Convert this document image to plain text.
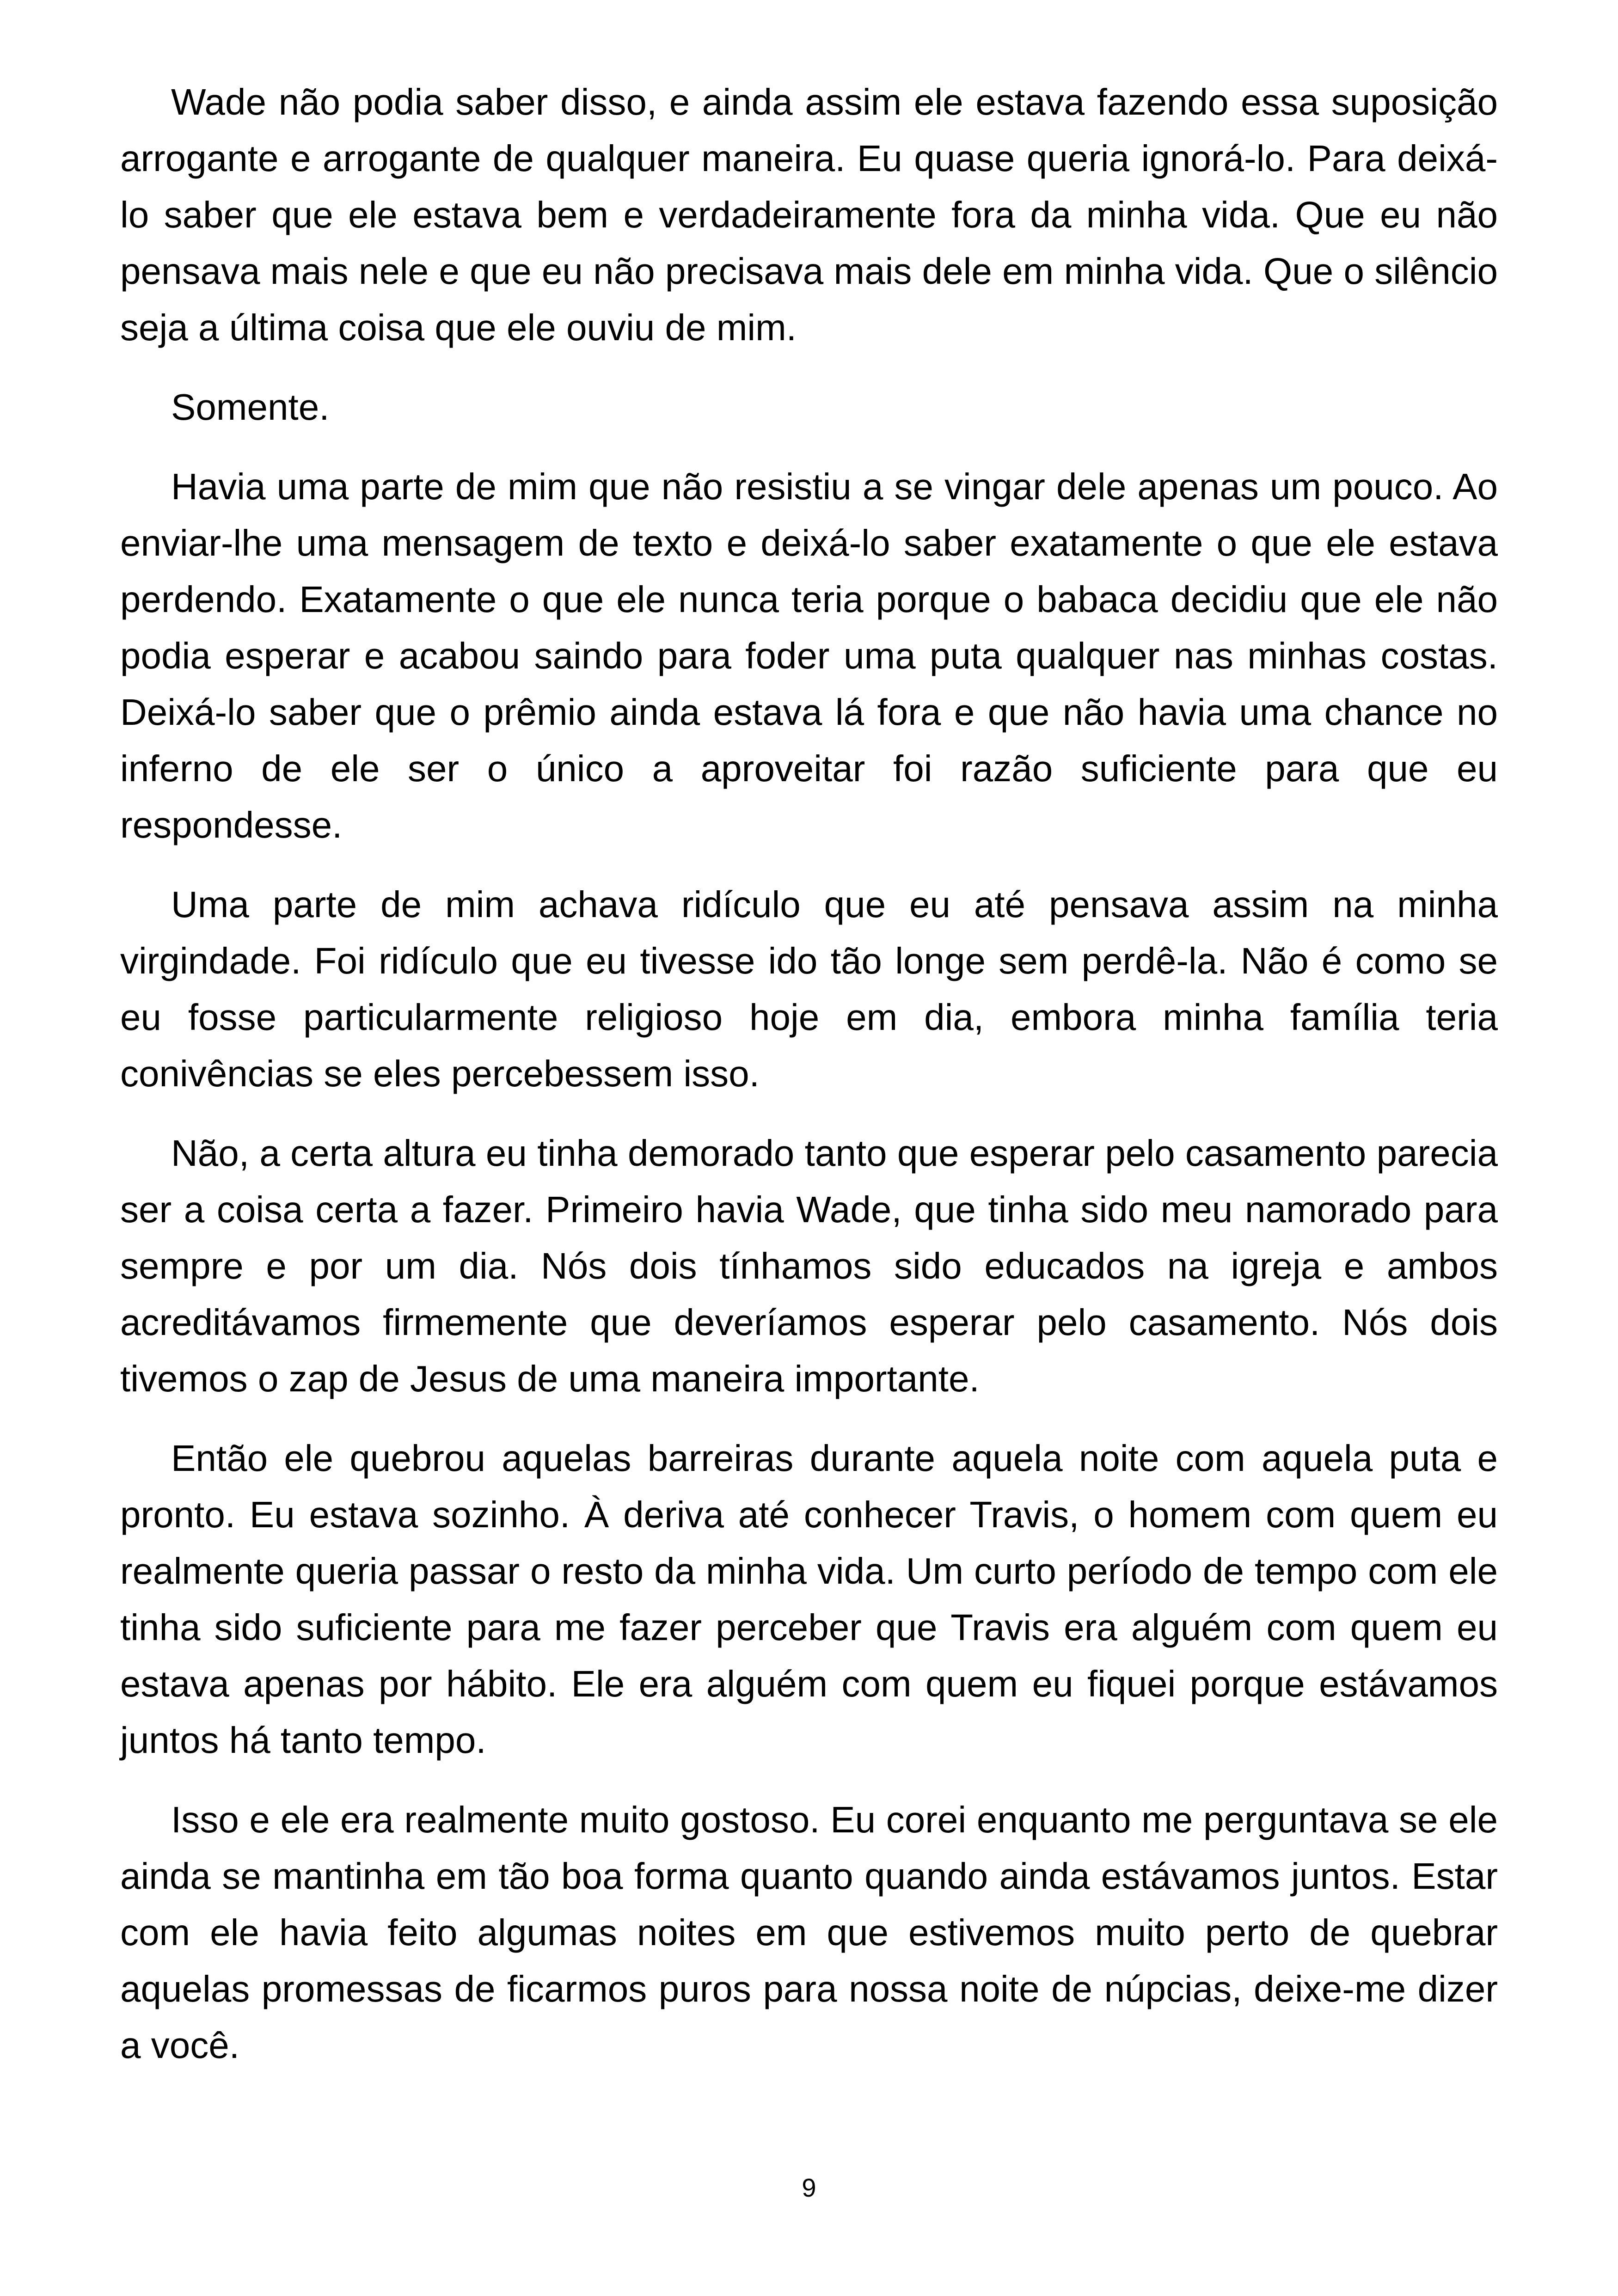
Wade não podia saber disso, e ainda assim ele estava fazendo essa suposição arrogante e arrogante de qualquer maneira. Eu quase queria ignorá-lo. Para deixá-lo saber que ele estava bem e verdadeiramente fora da minha vida. Que eu não pensava mais nele e que eu não precisava mais dele em minha vida. Que o silêncio seja a última coisa que ele ouviu de mim.

Somente.

Havia uma parte de mim que não resistiu a se vingar dele apenas um pouco. Ao enviar-lhe uma mensagem de texto e deixá-lo saber exatamente o que ele estava perdendo. Exatamente o que ele nunca teria porque o babaca decidiu que ele não podia esperar e acabou saindo para foder uma puta qualquer nas minhas costas. Deixá-lo saber que o prêmio ainda estava lá fora e que não havia uma chance no inferno de ele ser o único a aproveitar foi razão suficiente para que eu respondesse.

Uma parte de mim achava ridículo que eu até pensava assim na minha virgindade. Foi ridículo que eu tivesse ido tão longe sem perdê-la. Não é como se eu fosse particularmente religioso hoje em dia, embora minha família teria conivências se eles percebessem isso.

Não, a certa altura eu tinha demorado tanto que esperar pelo casamento parecia ser a coisa certa a fazer. Primeiro havia Wade, que tinha sido meu namorado para sempre e por um dia. Nós dois tínhamos sido educados na igreja e ambos acreditávamos firmemente que deveríamos esperar pelo casamento. Nós dois tivemos o zap de Jesus de uma maneira importante.

Então ele quebrou aquelas barreiras durante aquela noite com aquela puta e pronto. Eu estava sozinho. À deriva até conhecer Travis, o homem com quem eu realmente queria passar o resto da minha vida. Um curto período de tempo com ele tinha sido suficiente para me fazer perceber que Travis era alguém com quem eu estava apenas por hábito. Ele era alguém com quem eu fiquei porque estávamos juntos há tanto tempo.

Isso e ele era realmente muito gostoso. Eu corei enquanto me perguntava se ele ainda se mantinha em tão boa forma quanto quando ainda estávamos juntos. Estar com ele havia feito algumas noites em que estivemos muito perto de quebrar aquelas promessas de ficarmos puros para nossa noite de núpcias, deixe-me dizer a você.

9
